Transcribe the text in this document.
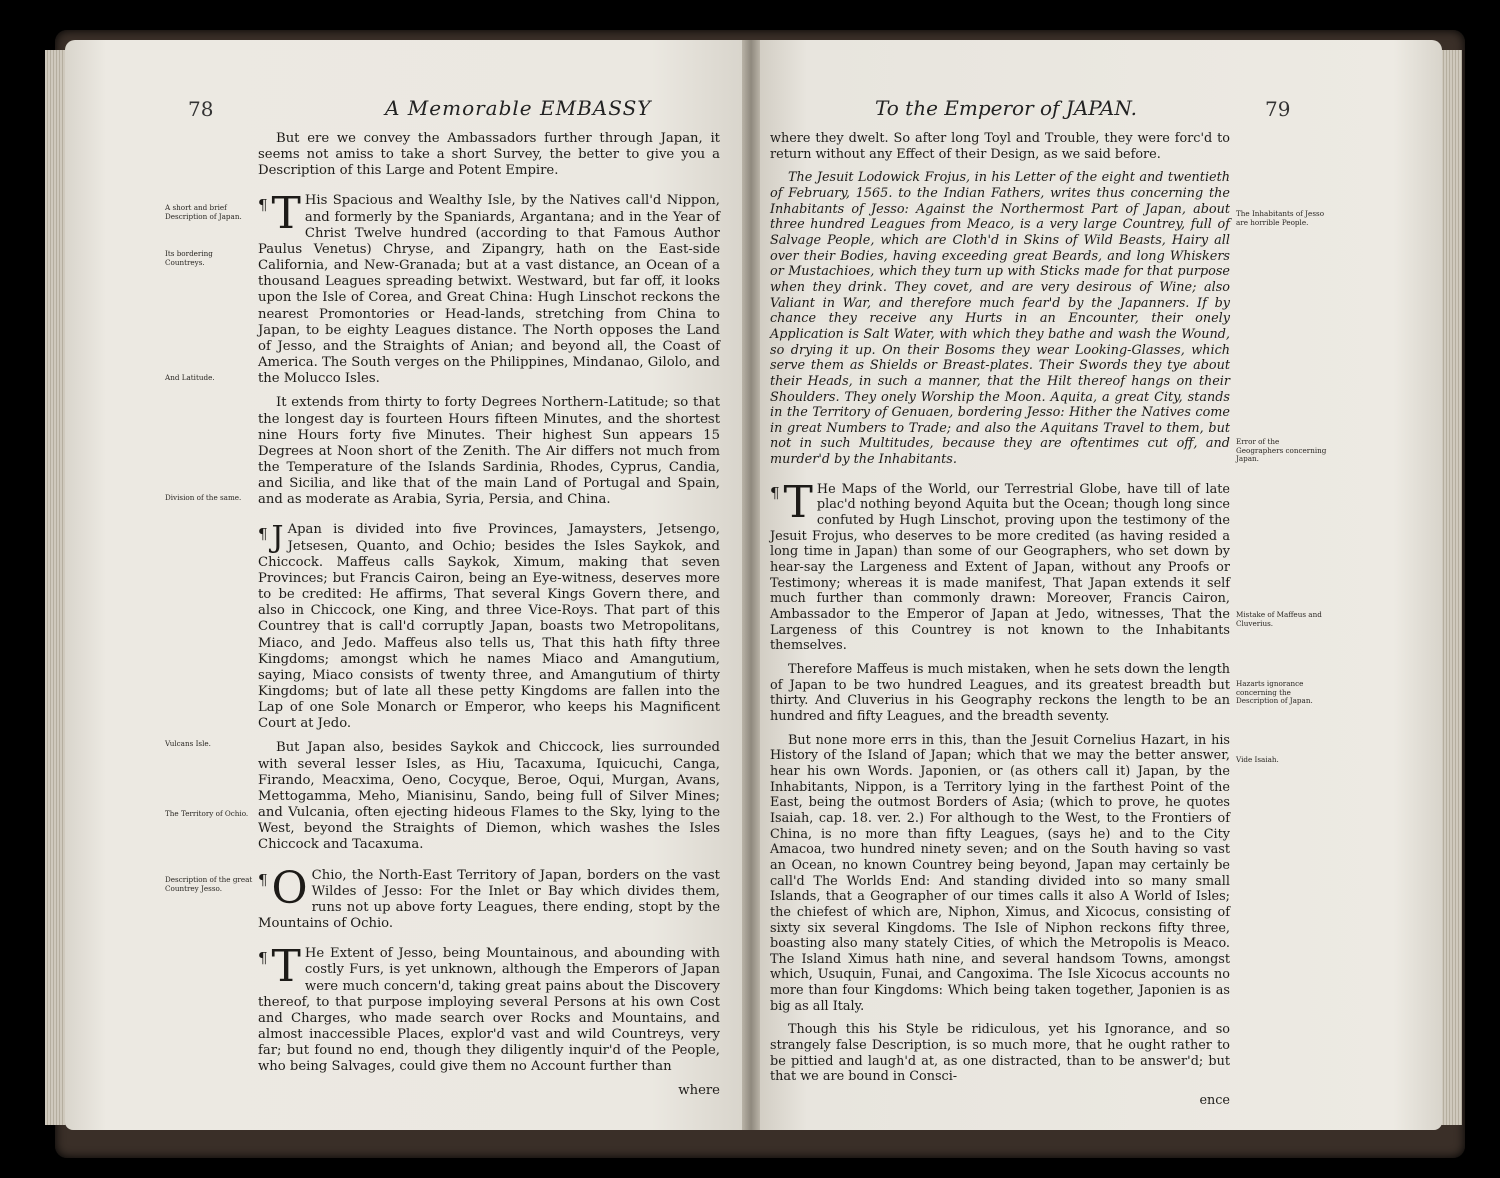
78	A Memorable EMBASSY
A short and brief Description of Japan.
Its bordering Countreys.
And Latitude.
Division of the same.
Vulcans Isle.
The Territory of Ochio.
Description of the great Countrey Jesso.

But ere we convey the Ambassadors further through Japan, it seems not amiss to take a short Survey, the better to give you a Description of this Large and Potent Empire.

¶ T His Spacious and Wealthy Isle, by the Natives call'd Nippon, and formerly by the Spaniards, Argantana; and in the Year of Christ Twelve hundred (according to that Famous Author Paulus Venetus) Chryse, and Zipangry, hath on the East-side California, and New-Granada; but at a vast distance, an Ocean of a thousand Leagues spreading betwixt. Westward, but far off, it looks upon the Isle of Corea, and Great China: Hugh Linschot reckons the nearest Promontories or Head-lands, stretching from China to Japan, to be eighty Leagues distance. The North opposes the Land of Jesso, and the Straights of Anian; and beyond all, the Coast of America. The South verges on the Philippines, Mindanao, Gilolo, and the Molucco Isles.

It extends from thirty to forty Degrees Northern-Latitude; so that the longest day is fourteen Hours fifteen Minutes, and the shortest nine Hours forty five Minutes. Their highest Sun appears 15 Degrees at Noon short of the Zenith. The Air differs not much from the Temperature of the Islands Sardinia, Rhodes, Cyprus, Candia, and Sicilia, and like that of the main Land of Portugal and Spain, and as moderate as Arabia, Syria, Persia, and China.

¶ J Apan is divided into five Provinces, Jamaysters, Jetsengo, Jetsesen, Quanto, and Ochio; besides the Isles Saykok, and Chiccock. Maffeus calls Saykok, Ximum, making that seven Provinces; but Francis Cairon, being an Eye-witness, deserves more to be credited: He affirms, That several Kings Govern there, and also in Chiccock, one King, and three Vice-Roys. That part of this Countrey that is call'd corruptly Japan, boasts two Metropolitans, Miaco, and Jedo. Maffeus also tells us, That this hath fifty three Kingdoms; amongst which he names Miaco and Amangutium, saying, Miaco consists of twenty three, and Amangutium of thirty Kingdoms; but of late all these petty Kingdoms are fallen into the Lap of one Sole Monarch or Emperor, who keeps his Magnificent Court at Jedo.

But Japan also, besides Saykok and Chiccock, lies surrounded with several lesser Isles, as Hiu, Tacaxuma, Iquicuchi, Canga, Firando, Meacxima, Oeno, Cocyque, Beroe, Oqui, Murgan, Avans, Mettogamma, Meho, Mianisinu, Sando, being full of Silver Mines; and Vulcania, often ejecting hideous Flames to the Sky, lying to the West, beyond the Straights of Diemon, which washes the Isles Chiccock and Tacaxuma.

¶ O Chio, the North-East Territory of Japan, borders on the vast Wildes of Jesso: For the Inlet or Bay which divides them, runs not up above forty Leagues, there ending, stopt by the Mountains of Ochio.

¶ T He Extent of Jesso, being Mountainous, and abounding with costly Furs, is yet unknown, although the Emperors of Japan were much concern'd, taking great pains about the Discovery thereof, to that purpose imploying several Persons at his own Cost and Charges, who made search over Rocks and Mountains, and almost inaccessible Places, explor'd vast and wild Countreys, very far; but found no end, though they diligently inquir'd of the People, who being Salvages, could give them no Account further than

where

To the Emperor of JAPAN.	79
The Inhabitants of Jesso are horrible People.
Error of the Geographers concerning Japan.
Mistake of Maffeus and Cluverius.
Hazarts ignorance concerning the Description of Japan.
Vide Isaiah.

where they dwelt. So after long Toyl and Trouble, they were forc'd to return without any Effect of their Design, as we said before.

The Jesuit Lodowick Frojus, in his Letter of the eight and twentieth of February, 1565. to the Indian Fathers, writes thus concerning the Inhabitants of Jesso: Against the Northermost Part of Japan, about three hundred Leagues from Meaco, is a very large Countrey, full of Salvage People, which are Cloth'd in Skins of Wild Beasts, Hairy all over their Bodies, having exceeding great Beards, and long Whiskers or Mustachioes, which they turn up with Sticks made for that purpose when they drink. They covet, and are very desirous of Wine; also Valiant in War, and therefore much fear'd by the Japanners. If by chance they receive any Hurts in an Encounter, their onely Application is Salt Water, with which they bathe and wash the Wound, so drying it up. On their Bosoms they wear Looking-Glasses, which serve them as Shields or Breast-plates. Their Swords they tye about their Heads, in such a manner, that the Hilt thereof hangs on their Shoulders. They onely Worship the Moon. Aquita, a great City, stands in the Territory of Genuaen, bordering Jesso: Hither the Natives come in great Numbers to Trade; and also the Aquitans Travel to them, but not in such Multitudes, because they are oftentimes cut off, and murder'd by the Inhabitants.

¶ T He Maps of the World, our Terrestrial Globe, have till of late plac'd nothing beyond Aquita but the Ocean; though long since confuted by Hugh Linschot, proving upon the testimony of the Jesuit Frojus, who deserves to be more credited (as having resided a long time in Japan) than some of our Geographers, who set down by hear-say the Largeness and Extent of Japan, without any Proofs or Testimony; whereas it is made manifest, That Japan extends it self much further than commonly drawn: Moreover, Francis Cairon, Ambassador to the Emperor of Japan at Jedo, witnesses, That the Largeness of this Countrey is not known to the Inhabitants themselves.

Therefore Maffeus is much mistaken, when he sets down the length of Japan to be two hundred Leagues, and its greatest breadth but thirty. And Cluverius in his Geography reckons the length to be an hundred and fifty Leagues, and the breadth seventy.

But none more errs in this, than the Jesuit Cornelius Hazart, in his History of the Island of Japan; which that we may the better answer, hear his own Words. Japonien, or (as others call it) Japan, by the Inhabitants, Nippon, is a Territory lying in the farthest Point of the East, being the outmost Borders of Asia; (which to prove, he quotes Isaiah, cap. 18. ver. 2.) For although to the West, to the Frontiers of China, is no more than fifty Leagues, (says he) and to the City Amacoa, two hundred ninety seven; and on the South having so vast an Ocean, no known Countrey being beyond, Japan may certainly be call'd The Worlds End: And standing divided into so many small Islands, that a Geographer of our times calls it also A World of Isles; the chiefest of which are, Niphon, Ximus, and Xicocus, consisting of sixty six several Kingdoms. The Isle of Niphon reckons fifty three, boasting also many stately Cities, of which the Metropolis is Meaco. The Island Ximus hath nine, and several handsom Towns, amongst which, Usuquin, Funai, and Cangoxima. The Isle Xicocus accounts no more than four Kingdoms: Which being taken together, Japonien is as big as all Italy.

Though this his Style be ridiculous, yet his Ignorance, and so strangely false Description, is so much more, that he ought rather to be pittied and laugh'd at, as one distracted, than to be answer'd; but that we are bound in Consci-

ence
